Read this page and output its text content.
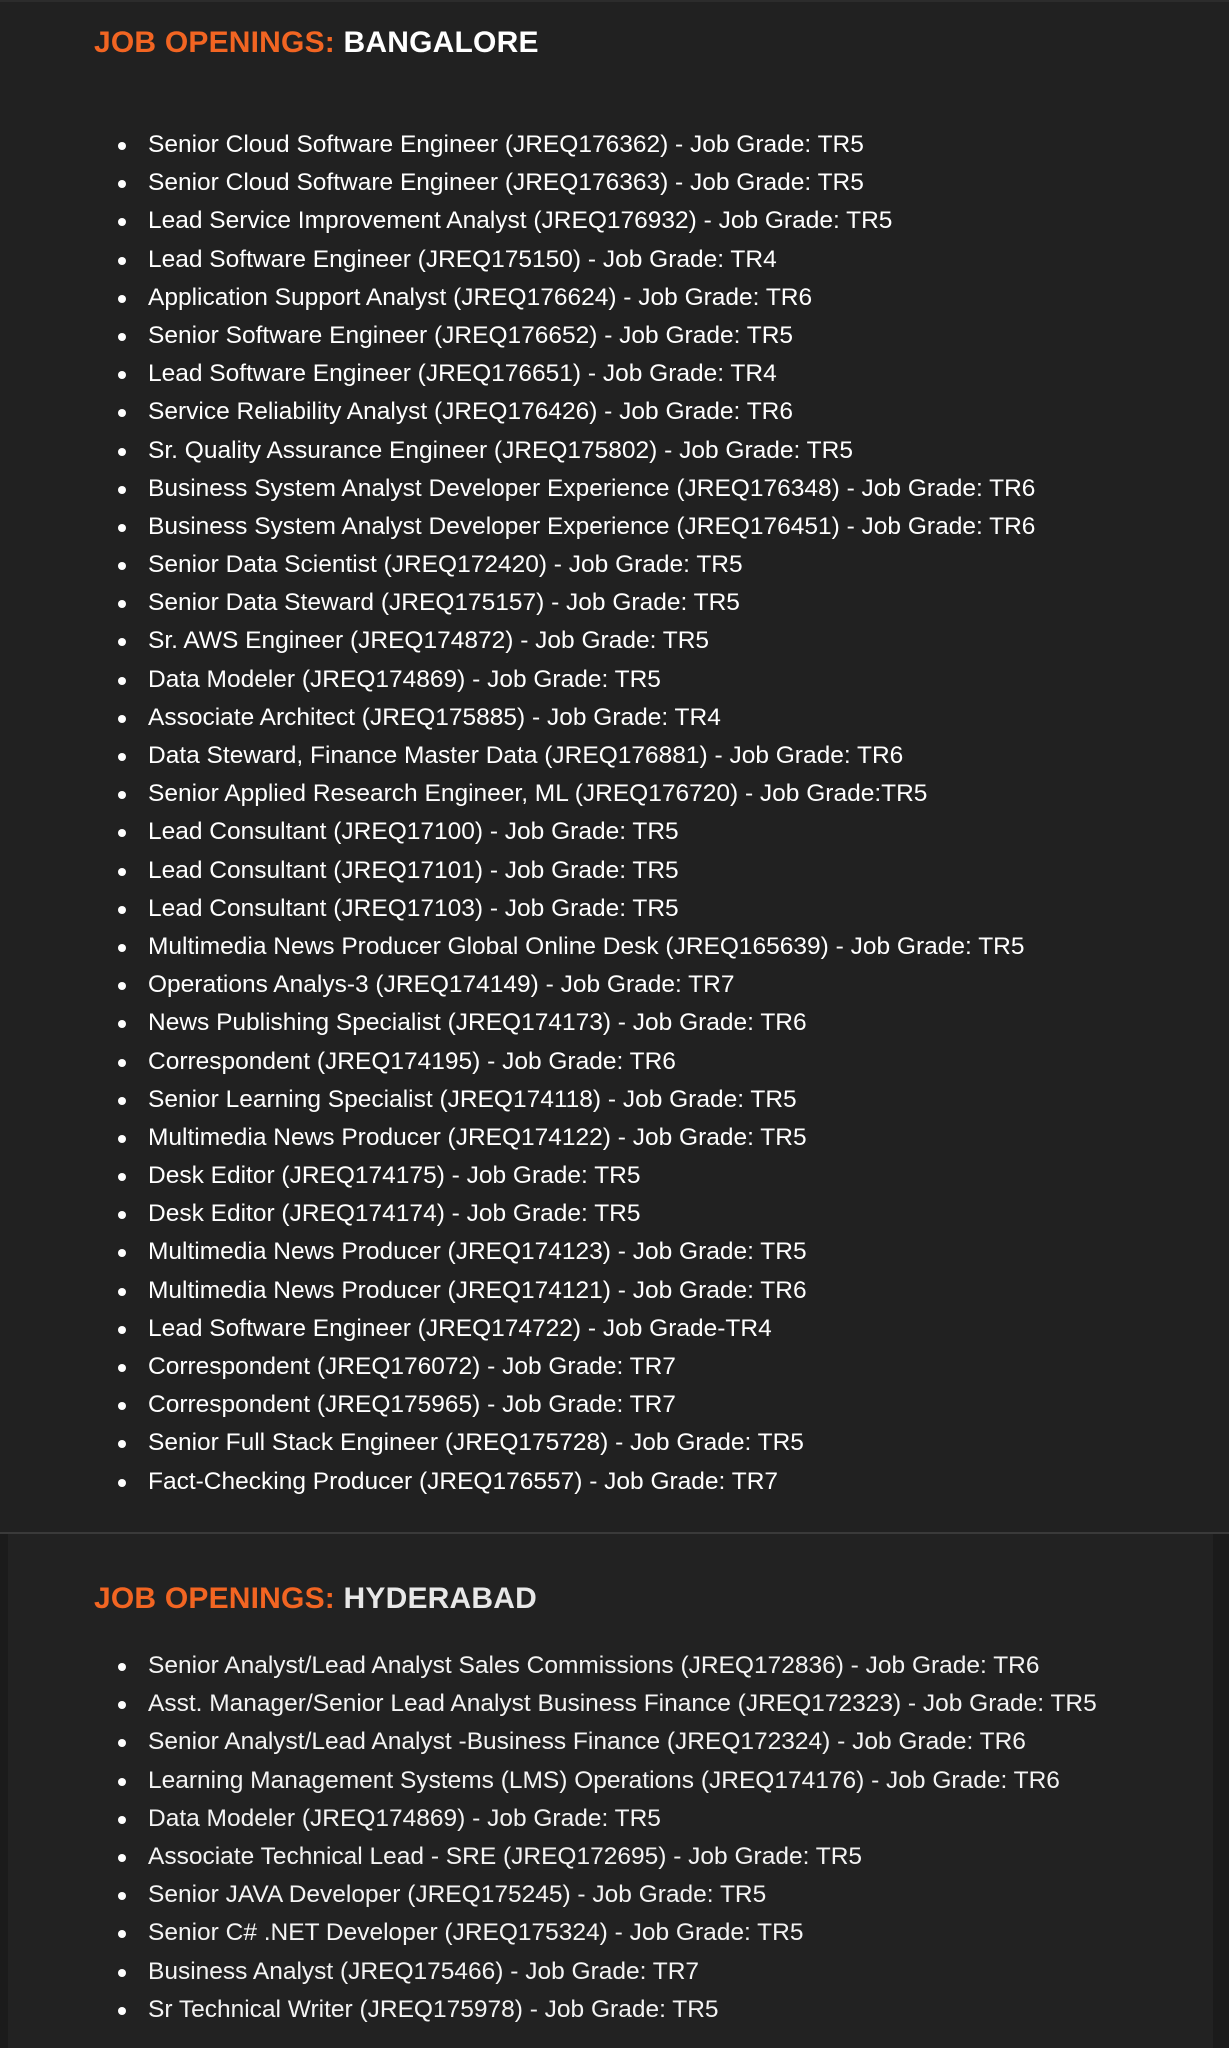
JOB OPENINGS: BANGALORE
Senior Cloud Software Engineer (JREQ176362) - Job Grade: TR5
Senior Cloud Software Engineer (JREQ176363) - Job Grade: TR5
Lead Service Improvement Analyst (JREQ176932) - Job Grade: TR5
Lead Software Engineer (JREQ175150) - Job Grade: TR4
Application Support Analyst (JREQ176624) - Job Grade: TR6
Senior Software Engineer (JREQ176652) - Job Grade: TR5
Lead Software Engineer (JREQ176651) - Job Grade: TR4
Service Reliability Analyst (JREQ176426) - Job Grade: TR6
Sr. Quality Assurance Engineer (JREQ175802) - Job Grade: TR5
Business System Analyst Developer Experience (JREQ176348) - Job Grade: TR6
Business System Analyst Developer Experience (JREQ176451) - Job Grade: TR6
Senior Data Scientist (JREQ172420) - Job Grade: TR5
Senior Data Steward (JREQ175157) - Job Grade: TR5
Sr. AWS Engineer (JREQ174872) - Job Grade: TR5
Data Modeler (JREQ174869) - Job Grade: TR5
Associate Architect (JREQ175885) - Job Grade: TR4
Data Steward, Finance Master Data (JREQ176881) - Job Grade: TR6
Senior Applied Research Engineer, ML (JREQ176720) - Job Grade:TR5
Lead Consultant (JREQ17100) - Job Grade: TR5
Lead Consultant (JREQ17101) - Job Grade: TR5
Lead Consultant (JREQ17103) - Job Grade: TR5
Multimedia News Producer Global Online Desk (JREQ165639) - Job Grade: TR5
Operations Analys-3 (JREQ174149) - Job Grade: TR7
News Publishing Specialist (JREQ174173) - Job Grade: TR6
Correspondent (JREQ174195) - Job Grade: TR6
Senior Learning Specialist (JREQ174118) - Job Grade: TR5
Multimedia News Producer (JREQ174122) - Job Grade: TR5
Desk Editor (JREQ174175) - Job Grade: TR5
Desk Editor (JREQ174174) - Job Grade: TR5
Multimedia News Producer (JREQ174123) - Job Grade: TR5
Multimedia News Producer (JREQ174121) - Job Grade: TR6
Lead Software Engineer (JREQ174722) - Job Grade-TR4
Correspondent (JREQ176072) - Job Grade: TR7
Correspondent (JREQ175965) - Job Grade: TR7
Senior Full Stack Engineer (JREQ175728) - Job Grade: TR5
Fact-Checking Producer (JREQ176557) - Job Grade: TR7
JOB OPENINGS: HYDERABAD
Senior Analyst/Lead Analyst Sales Commissions (JREQ172836) - Job Grade: TR6
Asst. Manager/Senior Lead Analyst Business Finance (JREQ172323) - Job Grade: TR5
Senior Analyst/Lead Analyst -Business Finance (JREQ172324) - Job Grade: TR6
Learning Management Systems (LMS) Operations (JREQ174176) - Job Grade: TR6
Data Modeler (JREQ174869) - Job Grade: TR5
Associate Technical Lead - SRE (JREQ172695) - Job Grade: TR5
Senior JAVA Developer (JREQ175245) - Job Grade: TR5
Senior C# .NET Developer (JREQ175324) - Job Grade: TR5
Business Analyst (JREQ175466) - Job Grade: TR7
Sr Technical Writer (JREQ175978) - Job Grade: TR5
